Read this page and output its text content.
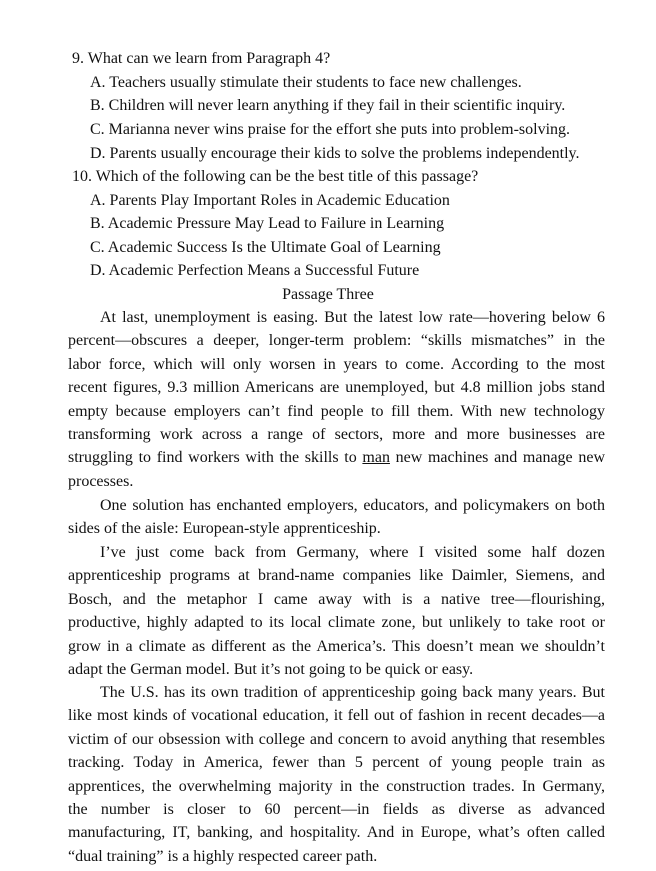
9. What can we learn from Paragraph 4?
A. Teachers usually stimulate their students to face new challenges.
B. Children will never learn anything if they fail in their scientific inquiry.
C. Marianna never wins praise for the effort she puts into problem-solving.
D. Parents usually encourage their kids to solve the problems independently.
10. Which of the following can be the best title of this passage?
A. Parents Play Important Roles in Academic Education
B. Academic Pressure May Lead to Failure in Learning
C. Academic Success Is the Ultimate Goal of Learning
D. Academic Perfection Means a Successful Future
Passage Three
At last, unemployment is easing. But the latest low rate—hovering below 6
percent—obscures a deeper, longer-term problem: “skills mismatches” in the
labor force, which will only worsen in years to come. According to the most
recent figures, 9.3 million Americans are unemployed, but 4.8 million jobs stand
empty because employers can’t find people to fill them. With new technology
transforming work across a range of sectors, more and more businesses are
struggling to find workers with the skills to man new machines and manage new
processes.
One solution has enchanted employers, educators, and policymakers on both
sides of the aisle: European-style apprenticeship.
I’ve just come back from Germany, where I visited some half dozen
apprenticeship programs at brand-name companies like Daimler, Siemens, and
Bosch, and the metaphor I came away with is a native tree—flourishing,
productive, highly adapted to its local climate zone, but unlikely to take root or
grow in a climate as different as the America’s. This doesn’t mean we shouldn’t
adapt the German model. But it’s not going to be quick or easy.
The U.S. has its own tradition of apprenticeship going back many years. But
like most kinds of vocational education, it fell out of fashion in recent decades—a
victim of our obsession with college and concern to avoid anything that resembles
tracking. Today in America, fewer than 5 percent of young people train as
apprentices, the overwhelming majority in the construction trades. In Germany,
the number is closer to 60 percent—in fields as diverse as advanced
manufacturing, IT, banking, and hospitality. And in Europe, what’s often called
“dual training” is a highly respected career path.
